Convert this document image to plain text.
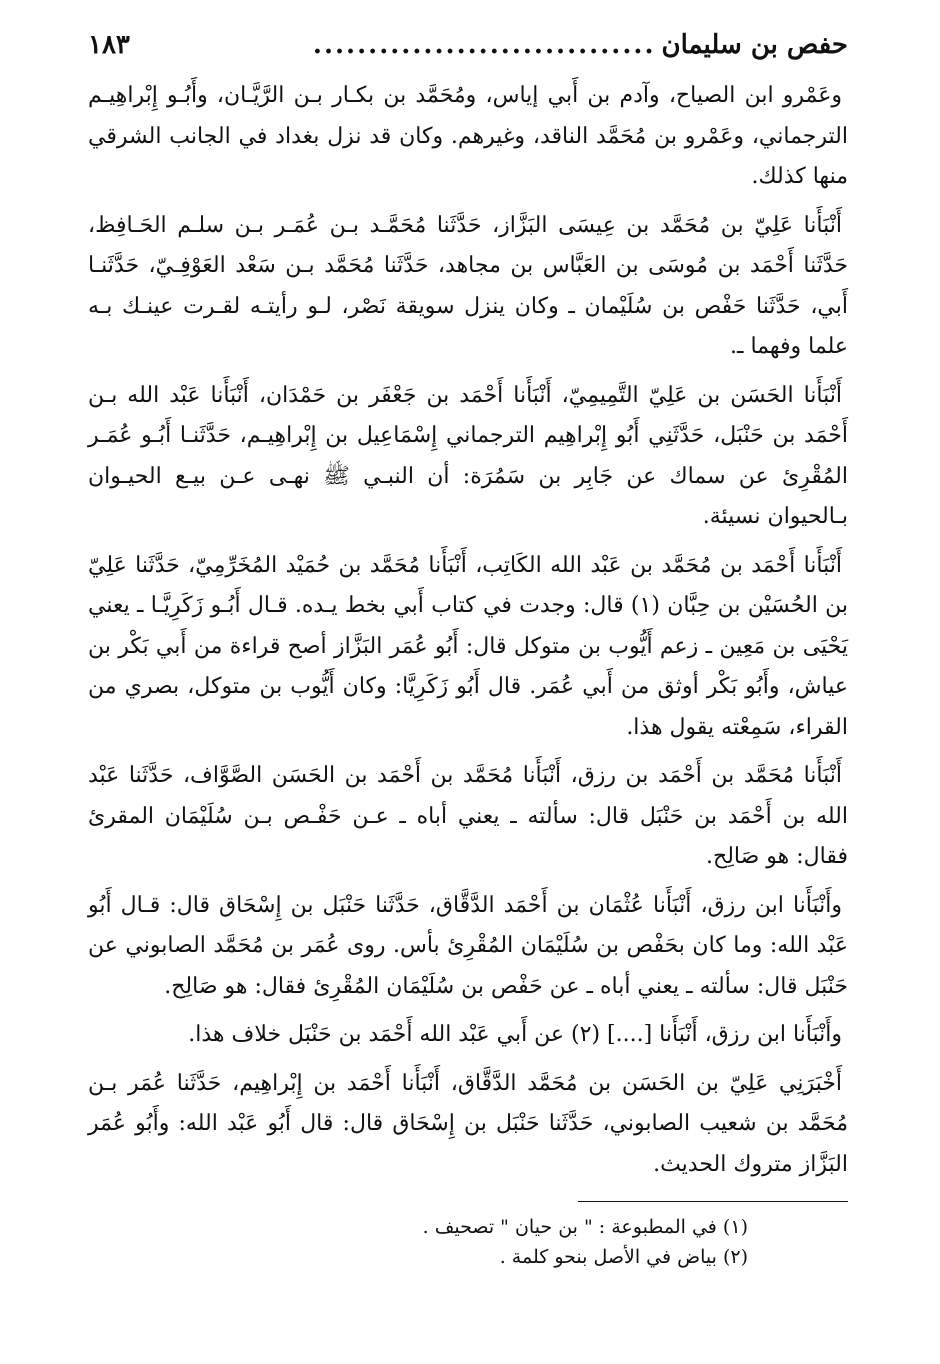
حفص بن سليمان
...............................
١٨٣

وعَمْرو ابن الصياح، وآدم بن أَبي إياس، ومُحَمَّد بن بكـار بـن الرَّيَّـان، وأَبُـو إِبْراهِيـم الترجماني، وعَمْرو بن مُحَمَّد الناقد، وغيرهم. وكان قد نزل بغداد في الجانب الشرقي منها كذلك.

أَنْبَأَنا عَلِيّ بن مُحَمَّد بن عِيسَى البَزَّاز، حَدَّثَنا مُحَمَّـد بـن عُمَـر بـن سلـم الحَـافِظ، حَدَّثَنا أَحْمَد بن مُوسَى بن العَبَّاس بن مجاهد، حَدَّثَنا مُحَمَّد بـن سَعْد العَوْفِـيّ، حَدَّثَنـا أَبي، حَدَّثَنا حَفْص بن سُلَيْمان ـ وكان ينزل سويقة نَصْر، لـو رأيتـه لقـرت عينـك بـه علما وفهما ـ.

أَنْبَأَنا الحَسَن بن عَلِيّ التَّمِيمِيّ، أَنْبَأَنا أَحْمَد بن جَعْفَر بن حَمْدَان، أَنْبَأَنا عَبْد الله بـن أَحْمَد بن حَنْبَل، حَدَّثَنِي أَبُو إِبْراهِيم الترجماني إِسْمَاعِيل بن إِبْراهِيـم، حَدَّثَنـا أَبُـو عُمَـر المُقْرِئ عن سماك عن جَابِر بن سَمُرَة: أن النبـي ﷺ نهـى عـن بيـع الحيـوان بـالحيوان نسيئة.

أَنْبَأَنا أَحْمَد بن مُحَمَّد بن عَبْد الله الكَاتِب، أَنْبَأَنا مُحَمَّد بن حُمَيْد المُخَرِّمِيّ، حَدَّثَنا عَلِيّ بن الحُسَيْن بن حِبَّان (١) قال: وجدت في كتاب أَبي بخط يـده. قـال أَبُـو زَكَرِيَّـا ـ يعني يَحْيَى بن مَعِين ـ زعم أَيُّوب بن متوكل قال: أَبُو عُمَر البَزَّاز أصح قراءة من أَبي بَكْر بن عياش، وأَبُو بَكْر أوثق من أَبي عُمَر. قال أَبُو زَكَرِيَّا: وكان أَيُّوب بن متوكل، بصري من القراء، سَمِعْته يقول هذا.

أَنْبَأَنا مُحَمَّد بن أَحْمَد بن رزق، أَنْبَأَنا مُحَمَّد بن أَحْمَد بن الحَسَن الصَّوَّاف، حَدَّثَنا عَبْد الله بن أَحْمَد بن حَنْبَل قال: سألته ـ يعني أباه ـ عـن حَفْـص بـن سُلَيْمَان المقرئ فقال: هو صَالِح.

وأَنْبَأَنا ابن رزق، أَنْبَأَنا عُثْمَان بن أَحْمَد الدَّقَّاق، حَدَّثَنا حَنْبَل بن إِسْحَاق قال: قـال أَبُو عَبْد الله: وما كان بحَفْص بن سُلَيْمَان المُقْرِئ بأس. روى عُمَر بن مُحَمَّد الصابوني عن حَنْبَل قال: سألته ـ يعني أباه ـ عن حَفْص بن سُلَيْمَان المُقْرِئ فقال: هو صَالِح.

وأَنْبَأَنا ابن رزق، أَنْبَأَنا [....] (٢) عن أَبي عَبْد الله أَحْمَد بن حَنْبَل خلاف هذا.

أَخْبَرَنِي عَلِيّ بن الحَسَن بن مُحَمَّد الدَّقَّاق، أَنْبَأَنا أَحْمَد بن إِبْراهِيم، حَدَّثَنا عُمَر بـن مُحَمَّد بن شعيب الصابوني، حَدَّثَنا حَنْبَل بن إِسْحَاق قال: قال أَبُو عَبْد الله: وأَبُو عُمَر البَزَّاز متروك الحديث.

(١) في المطبوعة : " بن حيان " تصحيف .
(٢) بياض في الأصل بنحو كلمة .
